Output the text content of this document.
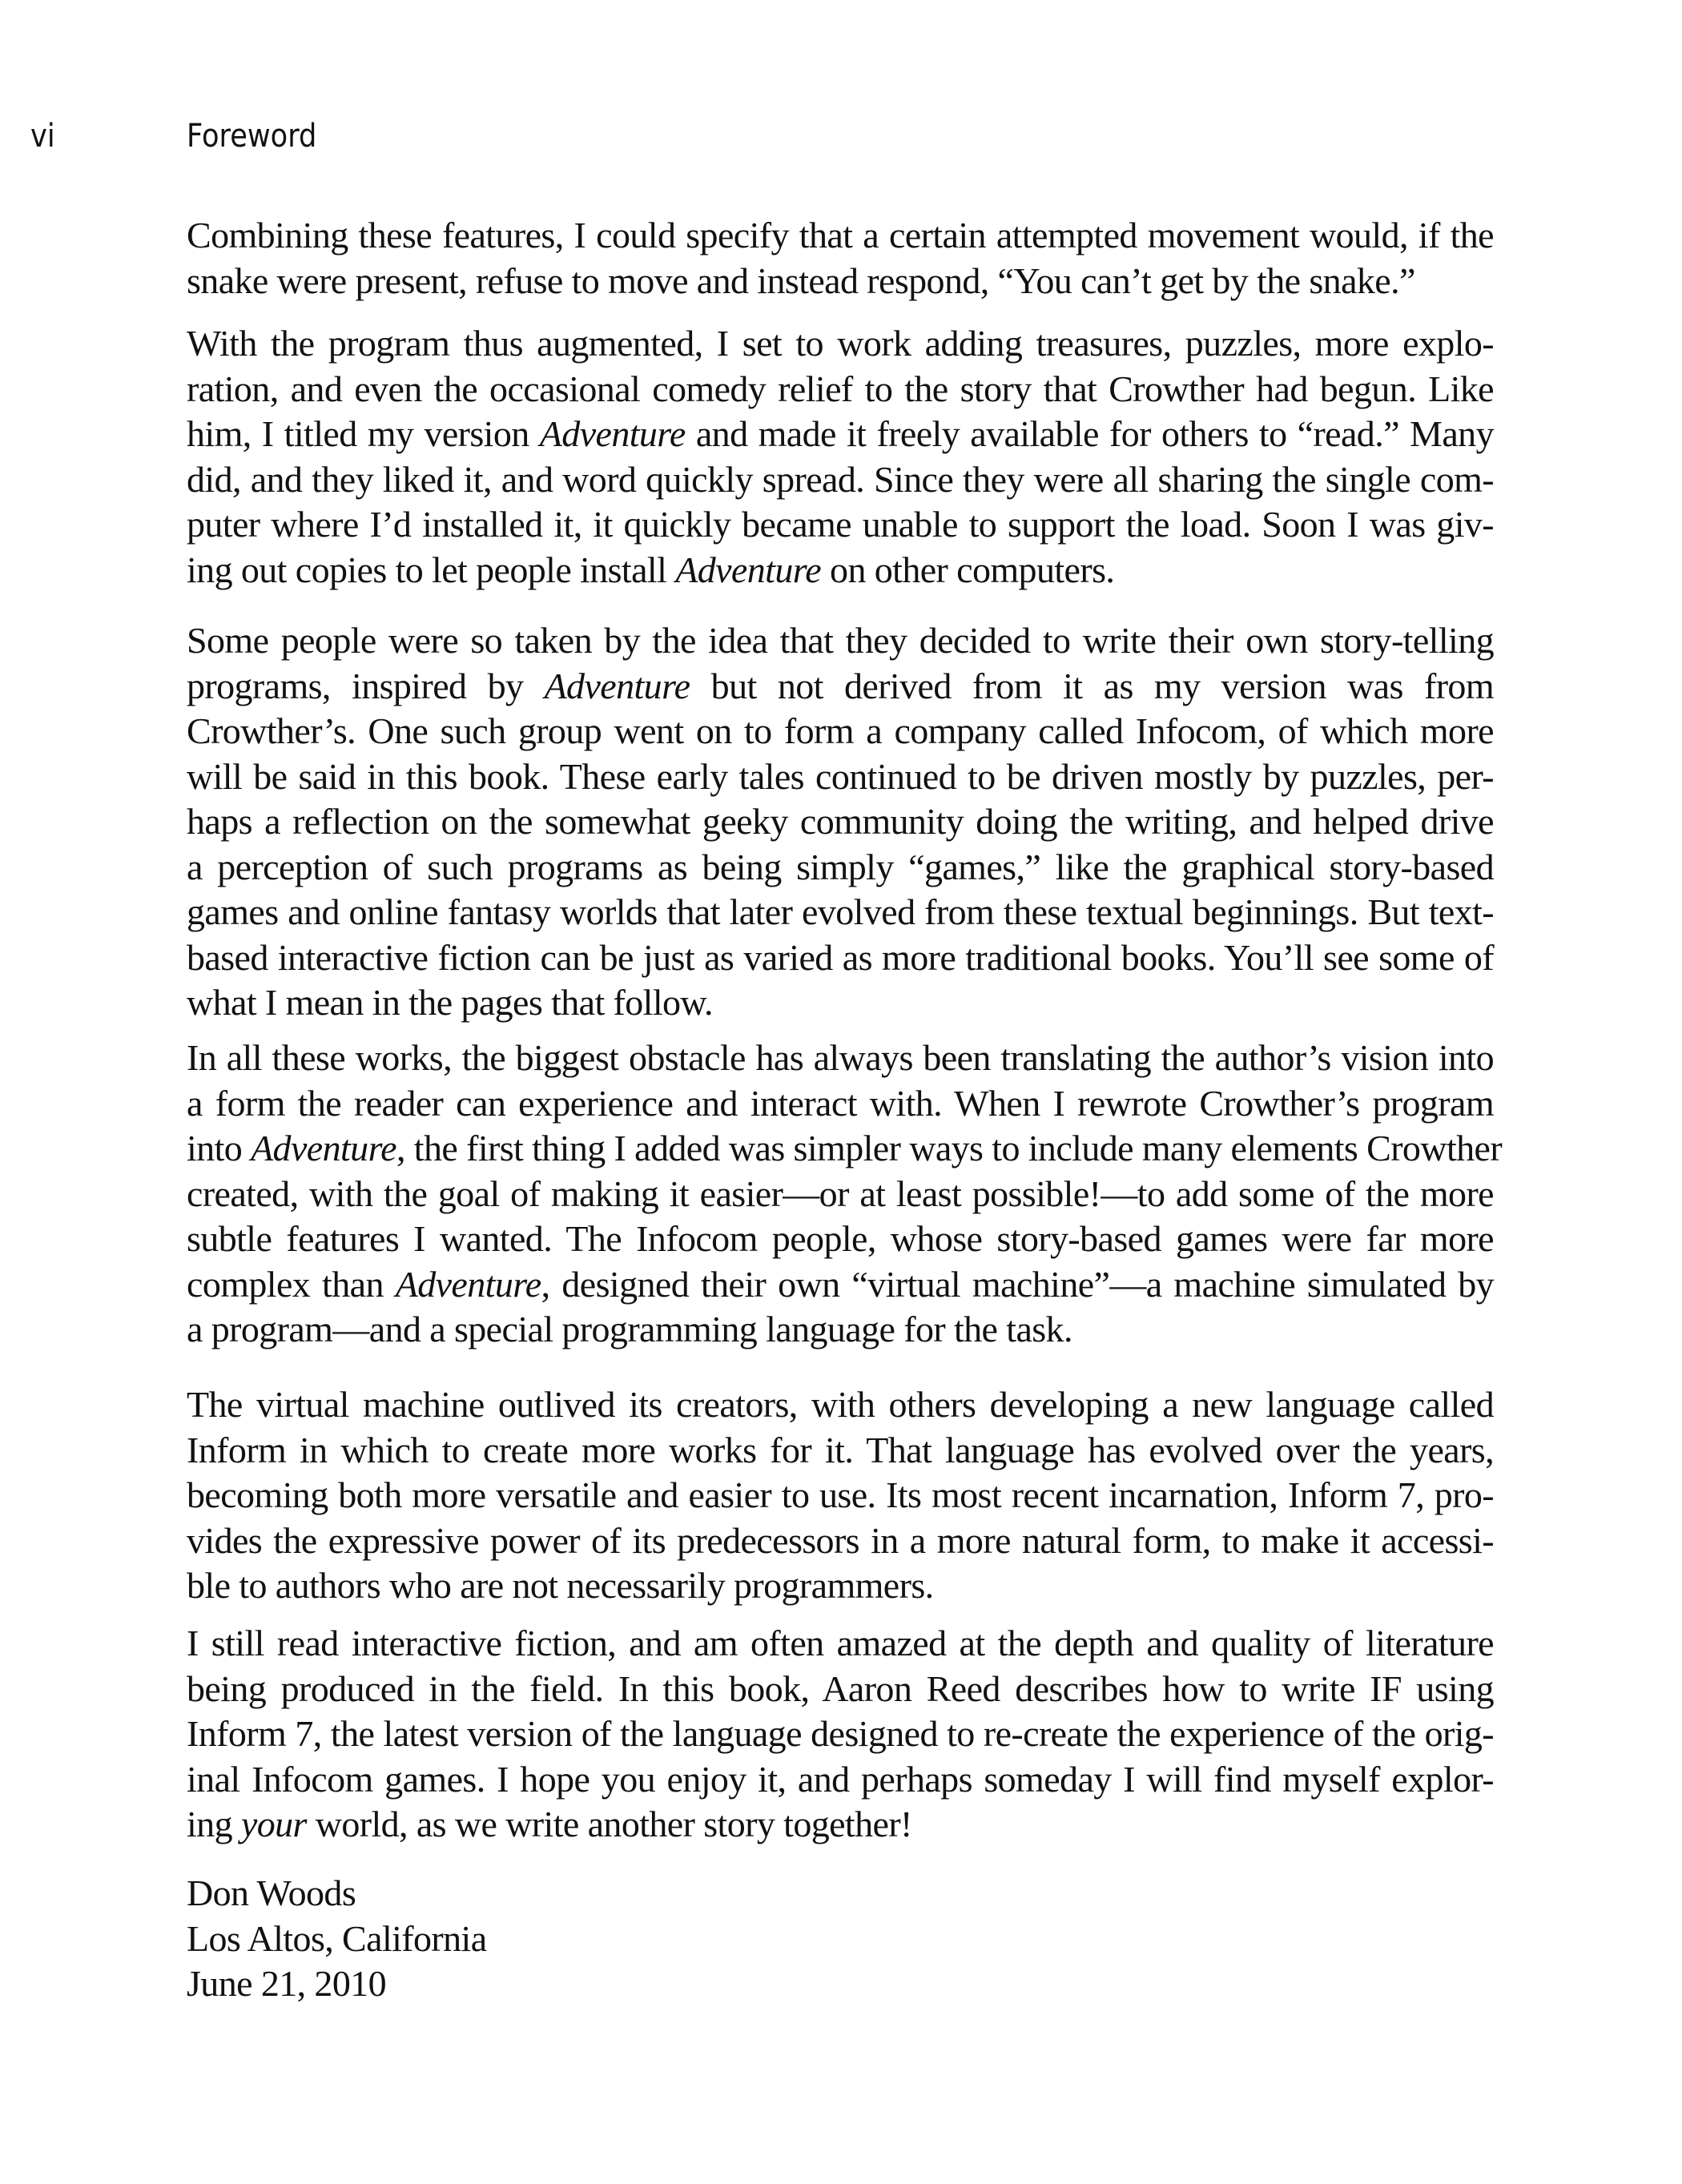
vi	Foreword
Combining these features, I could specify that a certain attempted movement would, if the
snake were present, refuse to move and instead respond, “You can’t get by the snake.”
With the program thus augmented, I set to work adding treasures, puzzles, more explo-
ration, and even the occasional comedy relief to the story that Crowther had begun. Like
him, I titled my version Adventure and made it freely available for others to “read.” Many
did, and they liked it, and word quickly spread. Since they were all sharing the single com-
puter where I’d installed it, it quickly became unable to support the load. Soon I was giv-
ing out copies to let people install Adventure on other computers.
Some people were so taken by the idea that they decided to write their own story-telling
programs, inspired by Adventure but not derived from it as my version was from
Crowther’s. One such group went on to form a company called Infocom, of which more
will be said in this book. These early tales continued to be driven mostly by puzzles, per-
haps a reflection on the somewhat geeky community doing the writing, and helped drive
a perception of such programs as being simply “games,” like the graphical story-based
games and online fantasy worlds that later evolved from these textual beginnings. But text-
based interactive fiction can be just as varied as more traditional books. You’ll see some of
what I mean in the pages that follow.
In all these works, the biggest obstacle has always been translating the author’s vision into
a form the reader can experience and interact with. When I rewrote Crowther’s program
into Adventure, the first thing I added was simpler ways to include many elements Crowther
created, with the goal of making it easier—or at least possible!—to add some of the more
subtle features I wanted. The Infocom people, whose story-based games were far more
complex than Adventure, designed their own “virtual machine”—a machine simulated by
a program—and a special programming language for the task.
The virtual machine outlived its creators, with others developing a new language called
Inform in which to create more works for it. That language has evolved over the years,
becoming both more versatile and easier to use. Its most recent incarnation, Inform 7, pro-
vides the expressive power of its predecessors in a more natural form, to make it accessi-
ble to authors who are not necessarily programmers.
I still read interactive fiction, and am often amazed at the depth and quality of literature
being produced in the field. In this book, Aaron Reed describes how to write IF using
Inform 7, the latest version of the language designed to re-create the experience of the orig-
inal Infocom games. I hope you enjoy it, and perhaps someday I will find myself explor-
ing your world, as we write another story together!
Don Woods
Los Altos, California
June 21, 2010
